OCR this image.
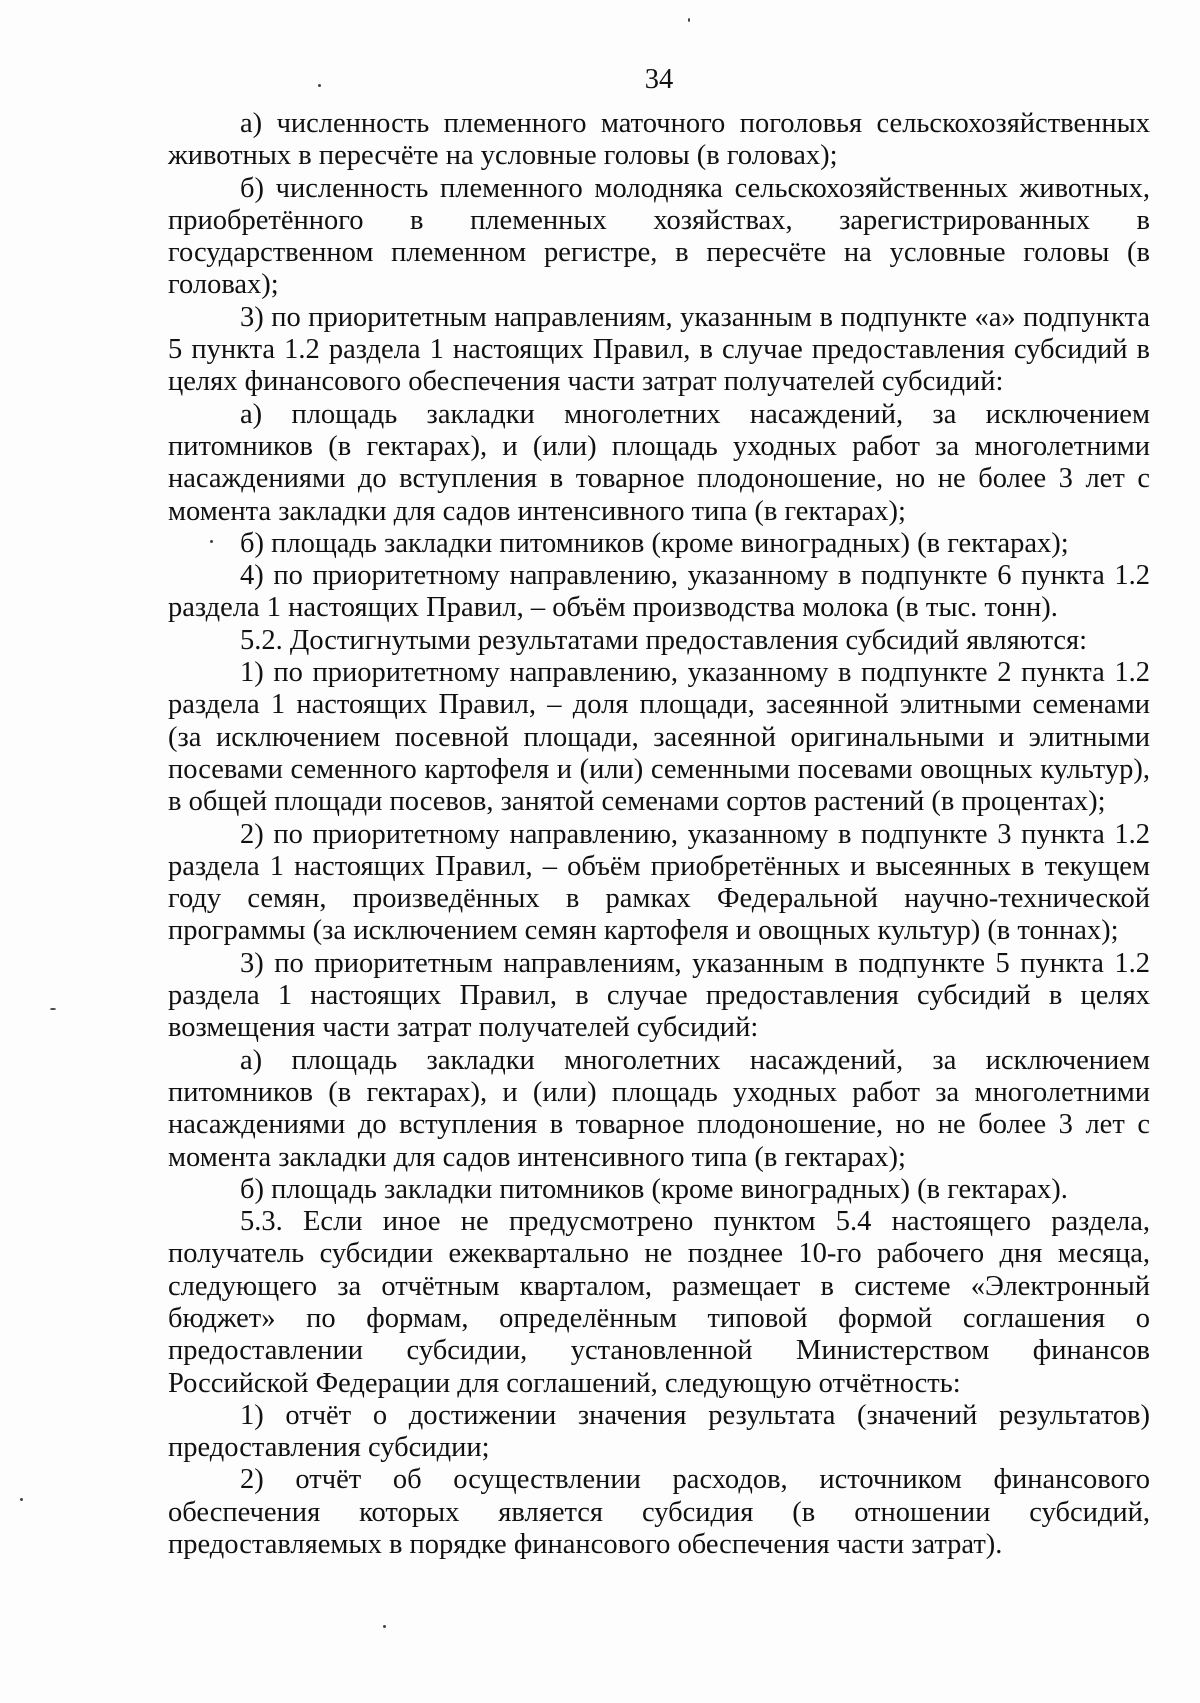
34

а) численность племенного маточного поголовья сельскохозяйственных животных в пересчёте на условные головы (в головах);

б) численность племенного молодняка сельскохозяйственных животных, приобретённого в племенных хозяйствах, зарегистрированных в государственном племенном регистре, в пересчёте на условные головы (в головах);

3) по приоритетным направлениям, указанным в подпункте «а» подпункта 5 пункта 1.2 раздела 1 настоящих Правил, в случае предоставления субсидий в целях финансового обеспечения части затрат получателей субсидий:

а) площадь закладки многолетних насаждений, за исключением питомников (в гектарах), и (или) площадь уходных работ за многолетними насаждениями до вступления в товарное плодоношение, но не более 3 лет с момента закладки для садов интенсивного типа (в гектарах);

б) площадь закладки питомников (кроме виноградных) (в гектарах);

4) по приоритетному направлению, указанному в подпункте 6 пункта 1.2 раздела 1 настоящих Правил, – объём производства молока (в тыс. тонн).

5.2. Достигнутыми результатами предоставления субсидий являются:

1) по приоритетному направлению, указанному в подпункте 2 пункта 1.2 раздела 1 настоящих Правил, – доля площади, засеянной элитными семенами (за исключением посевной площади, засеянной оригинальными и элитными посевами семенного картофеля и (или) семенными посевами овощных культур), в общей площади посевов, занятой семенами сортов растений (в процентах);

2) по приоритетному направлению, указанному в подпункте 3 пункта 1.2 раздела 1 настоящих Правил, – объём приобретённых и высеянных в текущем году семян, произведённых в рамках Федеральной научно-технической программы (за исключением семян картофеля и овощных культур) (в тоннах);

3) по приоритетным направлениям, указанным в подпункте 5 пункта 1.2 раздела 1 настоящих Правил, в случае предоставления субсидий в целях возмещения части затрат получателей субсидий:

а) площадь закладки многолетних насаждений, за исключением питомников (в гектарах), и (или) площадь уходных работ за многолетними насаждениями до вступления в товарное плодоношение, но не более 3 лет с момента закладки для садов интенсивного типа (в гектарах);

б) площадь закладки питомников (кроме виноградных) (в гектарах).

5.3. Если иное не предусмотрено пунктом 5.4 настоящего раздела, получатель субсидии ежеквартально не позднее 10-го рабочего дня месяца, следующего за отчётным кварталом, размещает в системе «Электронный бюджет» по формам, определённым типовой формой соглашения о предоставлении субсидии, установленной Министерством финансов Российской Федерации для соглашений, следующую отчётность:

1) отчёт о достижении значения результата (значений результатов) предоставления субсидии;

2) отчёт об осуществлении расходов, источником финансового обеспечения которых является субсидия (в отношении субсидий, предоставляемых в порядке финансового обеспечения части затрат).
